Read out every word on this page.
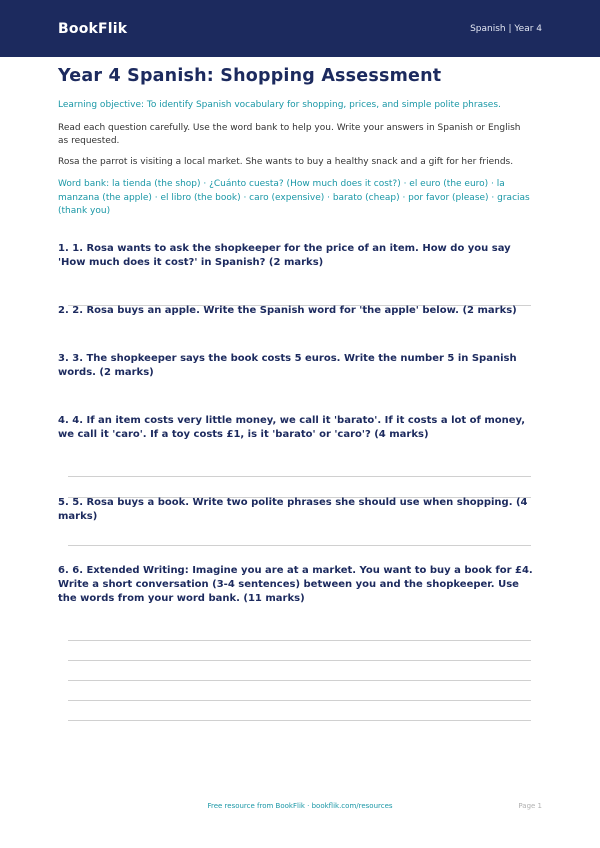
BookFlik	Spanish | Year 4
Year 4 Spanish: Shopping Assessment
Learning objective: To identify Spanish vocabulary for shopping, prices, and simple polite phrases.
Read each question carefully. Use the word bank to help you. Write your answers in Spanish or English as requested.
Rosa the parrot is visiting a local market. She wants to buy a healthy snack and a gift for her friends.
Word bank: la tienda (the shop) · ¿Cuánto cuesta? (How much does it cost?) · el euro (the euro) · la manzana (the apple) · el libro (the book) · caro (expensive) · barato (cheap) · por favor (please) · gracias (thank you)
1. 1. Rosa wants to ask the shopkeeper for the price of an item. How do you say 'How much does it cost?' in Spanish? (2 marks)
2. 2. Rosa buys an apple. Write the Spanish word for 'the apple' below. (2 marks)
3. 3. The shopkeeper says the book costs 5 euros. Write the number 5 in Spanish words. (2 marks)
4. 4. If an item costs very little money, we call it 'barato'. If it costs a lot of money, we call it 'caro'. If a toy costs £1, is it 'barato' or 'caro'? (4 marks)
5. 5. Rosa buys a book. Write two polite phrases she should use when shopping. (4 marks)
6. 6. Extended Writing: Imagine you are at a market. You want to buy a book for £4. Write a short conversation (3-4 sentences) between you and the shopkeeper. Use the words from your word bank. (11 marks)
Free resource from BookFlik · bookflik.com/resources	Page 1
